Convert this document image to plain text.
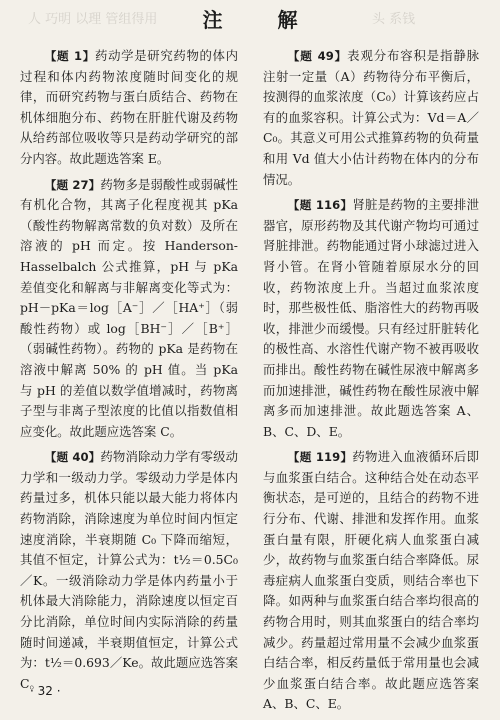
人 巧明 以理 管组得用	头 系钱
注 解

【题 1】药动学是研究药物的体内过程和体内药物浓度随时间变化的规律，而研究药物与蛋白质结合、药物在机体细胞分布、药物在肝脏代谢及药物从给药部位吸收等只是药动学研究的部分内容。故此题选答案 E。

【题 27】药物多是弱酸性或弱碱性有机化合物，其离子化程度视其 pKa（酸性药物解离常数的负对数）及所在溶液的 pH 而定。按 Handerson-Hasselbalch 公式推算，pH 与 pKa 差值变化和解离与非解离变化等式为：pH－pKa＝log［A⁻］／［HA⁺］（弱酸性药物）或 log［BH⁻］／［B⁺］（弱碱性药物）。药物的 pKa 是药物在溶液中解离 50% 的 pH 值。当 pKa 与 pH 的差值以数学值增减时，药物离子型与非离子型浓度的比值以指数值相应变化。故此题应选答案 C。

【题 40】药物消除动力学有零级动力学和一级动力学。零级动力学是体内药量过多，机体只能以最大能力将体内药物消除，消除速度为单位时间内恒定速度消除，半衰期随 C₀ 下降而缩短，其值不恒定，计算公式为：t½＝0.5C₀／K。一级消除动力学是体内药量小于机体最大消除能力，消除速度以恒定百分比消除，单位时间内实际消除的药量随时间递减，半衰期值恒定，计算公式为：t½＝0.693／Ke。故此题应选答案 C。

【题 49】表观分布容积是指静脉注射一定量（A）药物待分布平衡后，按测得的血浆浓度（C₀）计算该药应占有的血浆容积。计算公式为：Vd＝A／C₀。其意义可用公式推算药物的负荷量和用 Vd 值大小估计药物在体内的分布情况。

【题 116】肾脏是药物的主要排泄器官，原形药物及其代谢产物均可通过肾脏排泄。药物能通过肾小球滤过进入肾小管。在肾小管随着原尿水分的回收，药物浓度上升。当超过血浆浓度时，那些极性低、脂溶性大的药物再吸收，排泄少而缓慢。只有经过肝脏转化的极性高、水溶性代谢产物不被再吸收而排出。酸性药物在碱性尿液中解离多而加速排泄，碱性药物在酸性尿液中解离多而加速排泄。故此题选答案 A、B、C、D、E。

【题 119】药物进入血液循环后即与血浆蛋白结合。这种结合处在动态平衡状态，是可逆的，且结合的药物不进行分布、代谢、排泄和发挥作用。血浆蛋白量有限，肝硬化病人血浆蛋白减少，故药物与血浆蛋白结合率降低。尿毒症病人血浆蛋白变质，则结合率也下降。如两种与血浆蛋白结合率均很高的药物合用时，则其血浆蛋白的结合率均减少。药量超过常用量不会减少血浆蛋白结合率，相反药量低于常用量也会减少血浆蛋白结合率。故此题应选答案 A、B、C、E。

· 32 ·
